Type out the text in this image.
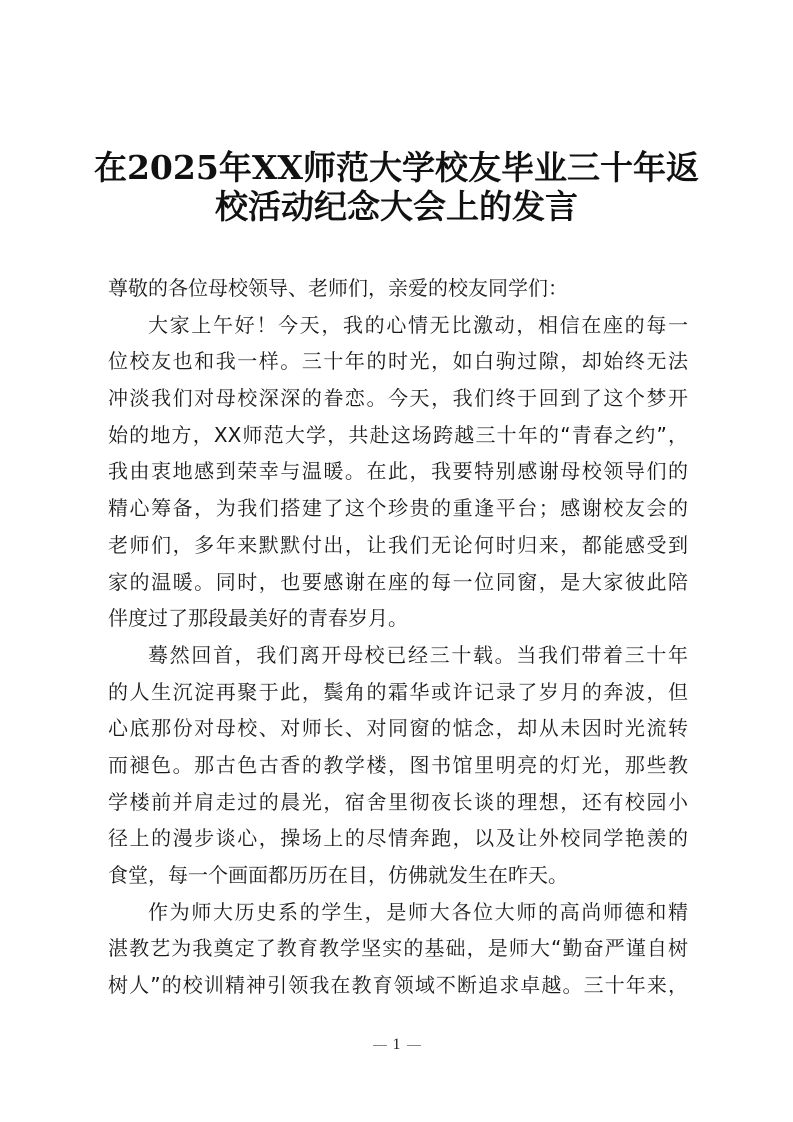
在2025年XX师范大学校友毕业三十年返
校活动纪念大会上的发言
尊敬的各位母校领导、老师们，亲爱的校友同学们：
大家上午好！今天，我的心情无比激动，相信在座的每一
位校友也和我一样。三十年的时光，如白驹过隙，却始终无法
冲淡我们对母校深深的眷恋。今天，我们终于回到了这个梦开
始的地方，XX师范大学，共赴这场跨越三十年的“青春之约”，
我由衷地感到荣幸与温暖。在此，我要特别感谢母校领导们的
精心筹备，为我们搭建了这个珍贵的重逢平台；感谢校友会的
老师们，多年来默默付出，让我们无论何时归来，都能感受到
家的温暖。同时，也要感谢在座的每一位同窗，是大家彼此陪
伴度过了那段最美好的青春岁月。
蓦然回首，我们离开母校已经三十载。当我们带着三十年
的人生沉淀再聚于此，鬓角的霜华或许记录了岁月的奔波，但
心底那份对母校、对师长、对同窗的惦念，却从未因时光流转
而褪色。那古色古香的教学楼，图书馆里明亮的灯光，那些教
学楼前并肩走过的晨光，宿舍里彻夜长谈的理想，还有校园小
径上的漫步谈心，操场上的尽情奔跑，以及让外校同学艳羡的
食堂，每一个画面都历历在目，仿佛就发生在昨天。
作为师大历史系的学生，是师大各位大师的高尚师德和精
湛教艺为我奠定了教育教学坚实的基础，是师大“勤奋严谨自树
树人”的校训精神引领我在教育领域不断追求卓越。三十年来，
1
